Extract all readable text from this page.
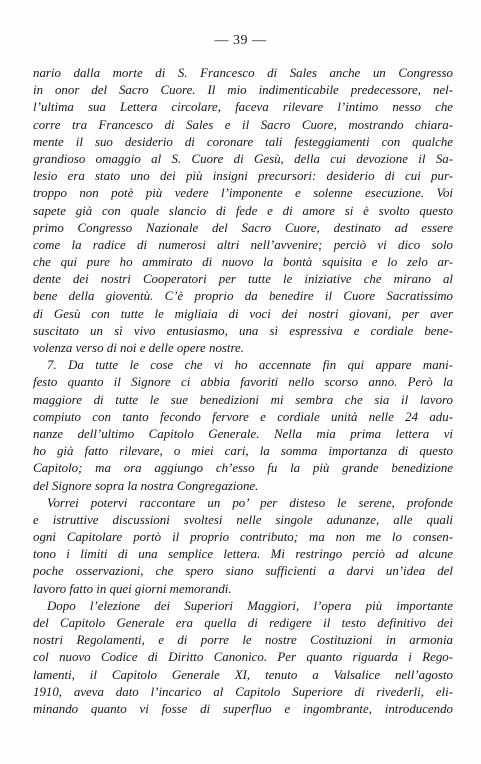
— 39 —
nario dalla morte di S. Francesco di Sales anche un Congresso
in onor del Sacro Cuore. Il mio indimenticabile predecessore, nel-
l’ultima sua Lettera circolare, faceva rilevare l’intimo nesso che
corre tra Francesco di Sales e il Sacro Cuore, mostrando chiara-
mente il suo desiderio di coronare tali festeggiamenti con qualche
grandioso omaggio al S. Cuore di Gesù, della cui devozione il Sa-
lesio era stato uno dei più insigni precursori: desiderio di cui pur-
troppo non potè più vedere l’imponente e solenne esecuzione. Voi
sapete già con quale slancio di fede e di amore si è svolto questo
primo Congresso Nazionale del Sacro Cuore, destinato ad essere
come la radice di numerosi altri nell’avvenire; perciò vi dico solo
che qui pure ho ammirato di nuovo la bontà squisita e lo zelo ar-
dente dei nostri Cooperatori per tutte le iniziative che mirano al
bene della gioventù. C’è proprio da benedire il Cuore Sacratissimo
di Gesù con tutte le migliaia di voci dei nostri giovani, per aver
suscitato un sì vivo entusiasmo, una sì espressiva e cordiale bene-
volenza verso di noi e delle opere nostre.
7. Da tutte le cose che vi ho accennate fin qui appare mani-
festo quanto il Signore ci abbia favoriti nello scorso anno. Però la
maggiore di tutte le sue benedizioni mi sembra che sia il lavoro
compiuto con tanto fecondo fervore e cordiale unità nelle 24 adu-
nanze dell’ultimo Capitolo Generale. Nella mia prima lettera vi
ho già fatto rilevare, o miei cari, la somma importanza di questo
Capitolo; ma ora aggiungo ch’esso fu la più grande benedizione
del Signore sopra la nostra Congregazione.
Vorrei potervi raccontare un po’ per disteso le serene, profonde
e istruttive discussioni svoltesi nelle singole adunanze, alle quali
ogni Capitolare portò il proprio contributo; ma non me lo consen-
tono i limiti di una semplice lettera. Mi restringo perciò ad alcune
poche osservazioni, che spero siano sufficienti a darvi un’idea del
lavoro fatto in quei giorni memorandi.
Dopo l’elezione dei Superiori Maggiori, l’opera più importante
del Capitolo Generale era quella di redigere il testo definitivo dei
nostri Regolamenti, e di porre le nostre Costituzioni in armonia
col nuovo Codice di Diritto Canonico. Per quanto riguarda i Rego-
lamenti, il Capitolo Generale XI, tenuto a Valsalice nell’agosto
1910, aveva dato l’incarico al Capitolo Superiore di rivederli, eli-
minando quanto vi fosse di superfluo e ingombrante, introducendo
